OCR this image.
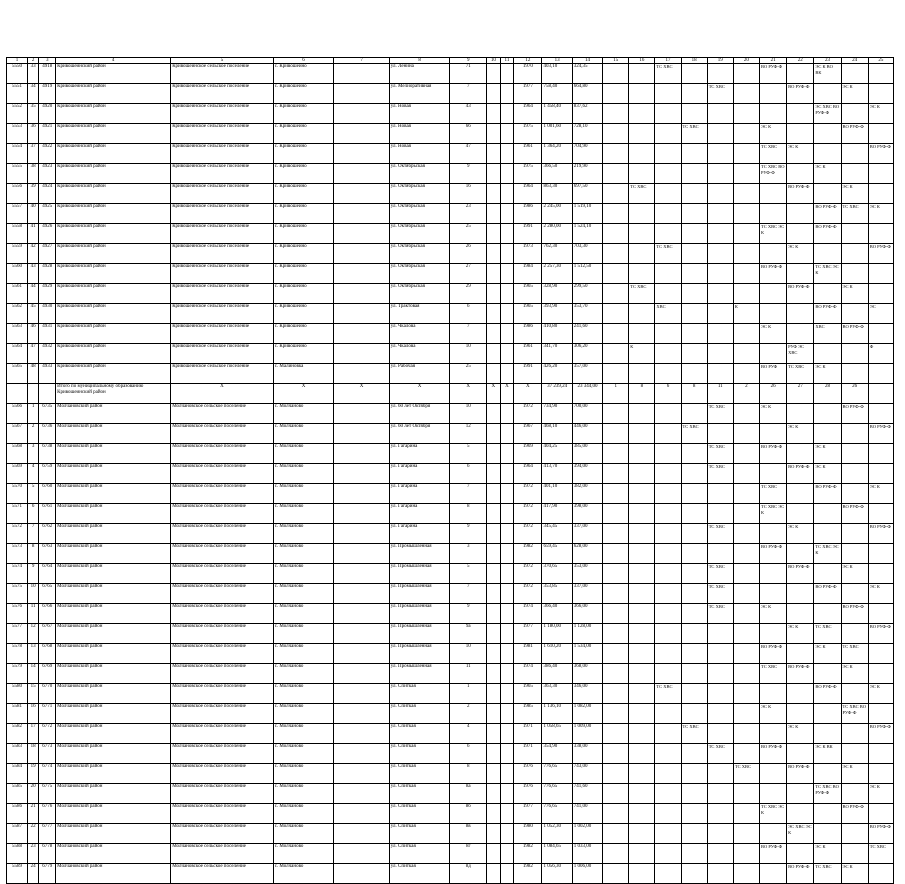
1	2	3	4	5	6	7	8	9	10	11	12	13	14	15	16	17	18	19	20	21	22	23	24	25
5550	33	4918	Кривошеинский район	Кривошеинское сельское поселение	с. Кривошеино		ул. Ленина	71			1970	403,10	324,35			ТС ХВС				ВО РУФ-Ф		ЭС К ВО ВК		
5551	34	4919	Кривошеинский район	Кривошеинское сельское поселение	с. Кривошеино		ул. Мелиоративная	7			1977	758,40	664,80					ТС ХВС			ВО РУФ-Ф		ЭС К	
5552	35	4920	Кривошеинский район	Кривошеинское сельское поселение	с. Кривошеино		ул. Новая	43			1964	1 458,40	837,62									ЭС ХВС ВО РУФ-Ф		ЭС К
5553	36	4921	Кривошеинский район	Кривошеинское сельское поселение	с. Кривошеино		ул. Новая	66			1975	1 001,60	728,10				ТС ХВС			ЭС К			ВО РУФ-Ф	
5554	37	4922	Кривошеинский район	Кривошеинское сельское поселение	с. Кривошеино		ул. Новая	47			1961	1 364,20	704,90							ТС ХВС	ЭС К			ВО РУФ-Ф
5555	38	4923	Кривошеинский район	Кривошеинское сельское поселение	с. Кривошеино		ул. Октябрьская	9			1975	366,50	219,90							ТС ХВС ВО РУФ-Ф		ЭС К		
5556	39	4924	Кривошеинский район	Кривошеинское сельское поселение	с. Кривошеино		ул. Октябрьская	16			1964	863,30	697,50		ТС ХВС						ВО РУФ-Ф		ЭС К	
5557	40	4925	Кривошеинский район	Кривошеинское сельское поселение	с. Кривошеино		ул. Октябрьская	23			1986	2 245,00	1 519,10									ВО РУФ-Ф	ТС ХВС	ЭС К
5558	41	4926	Кривошеинский район	Кривошеинское сельское поселение	с. Кривошеино		ул. Октябрьская	25			1991	2 280,00	1 524,10							ТС ХВС ЭС К		ВО РУФ-Ф		
5559	42	4927	Кривошеинский район	Кривошеинское сельское поселение	с. Кривошеино		ул. Октябрьская	26			1973	762,30	703,30			ТС ХВС					ЭС К			ВО РУФ-Ф
5560	43	4928	Кривошеинский район	Кривошеинское сельское поселение	с. Кривошеино		ул. Октябрьская	27			1984	2 257,30	1 512,50							ВО РУФ-Ф		ТС ХВС ЭС К		
5561	44	4929	Кривошеинский район	Кривошеинское сельское поселение	с. Кривошеино		ул. Октябрьская	29			1965	328,90	299,50		ТС ХВС						ВО РУФ-Ф		ЭС К	
5562	45	4930	Кривошеинский район	Кривошеинское сельское поселение	с. Кривошеино		ул. Трактовая	6			1965	393,90	353,70			ХВС			К			ВО РУФ-Ф		ЭС
5563	46	4931	Кривошеинский район	Кривошеинское сельское поселение	с. Кривошеино		ул. Чкалова	7			1986	410,80	241,60							ЭС К		ХВС	ВО РУФ-Ф	
5564	47	4932	Кривошеинский район	Кривошеинское сельское поселение	с. Кривошеино		ул. Чкалова	10			1961	341,70	306,20		К						РУФ ЭС ХВС			Ф
5565	48	4933	Кривошеинский район	Кривошеинское сельское поселение	с. Малиновка		ул. Рабочая	25			1991	426,20	357,00							ВО РУФ	ТС ХВС	ЭС К		
			Итого по муниципальному образованию Кривошеинский район	X	X	X	X	X	X	X	X	37 239,24	23 344,00	1	8	6	8	11	2	26	27	28	26	
5566	1	6735	Молчановский район	Молчановское сельское поселение	с. Молчаново		ул. 60 лет Октября	10			1972	734,90	700,00					ТС ХВС		ЭС К			ВО РУФ-Ф	
5567	2	6736	Молчановский район	Молчановское сельское поселение	с. Молчаново		ул. 60 лет Октября	12			1967	468,10	446,00				ТС ХВС				ЭС К			ВО РУФ-Ф
5568	3	6738	Молчановский район	Молчановское сельское поселение	с. Молчаново		ул. Гагарина	5			1969	404,25	385,00					ТС ХВС		ВО РУФ-Ф		ЭС К		
5569	4	6759	Молчановский район	Молчановское сельское поселение	с. Молчаново		ул. Гагарина	6			1964	413,70	394,00					ТС ХВС			ВО РУФ-Ф	ЭС К		
5570	5	6760	Молчановский район	Молчановское сельское поселение	с. Молчаново		ул. Гагарина	7			1972	401,10	382,00							ТС ХВС		ВО РУФ-Ф		ЭС К
5571	6	6761	Молчановский район	Молчановское сельское поселение	с. Молчаново		ул. Гагарина	8			1972	417,90	398,00							ТС ХВС ЭС К			ВО РУФ-Ф	
5572	7	6762	Молчановский район	Молчановское сельское поселение	с. Молчаново		ул. Гагарина	9			1972	345,45	337,00					ТС ХВС			ЭС К			ВО РУФ-Ф
5573	8	6763	Молчановский район	Молчановское сельское поселение	с. Молчаново		ул. Промышленная	3			1982	659,45	628,00							ВО РУФ-Ф		ТС ХВС ЭС К		
5574	9	6764	Молчановский район	Молчановское сельское поселение	с. Молчаново		ул. Промышленная	5			1972	370,65	353,00					ТС ХВС			ВО РУФ-Ф		ЭС К	
5575	10	6765	Молчановский район	Молчановское сельское поселение	с. Молчаново		ул. Промышленная	7			1972	353,85	337,00					ТС ХВС				ВО РУФ-Ф		ЭС К
5576	11	6766	Молчановский район	Молчановское сельское поселение	с. Молчаново		ул. Промышленная	9			1974	366,40	366,00					ТС ХВС		ЭС К			ВО РУФ-Ф	
5577	12	6767	Молчановский район	Молчановское сельское поселение	с. Молчаново		ул. Промышленная	9а			1977	1 180,00	1 128,00								ЭС К	ТС ХВС		ВО РУФ-Ф
5578	13	6768	Молчановский район	Молчановское сельское поселение	с. Молчаново		ул. Промышленная	10			1981	1 610,20	1 534,00							ВО РУФ-Ф		ЭС К	ТС ХВС	
5579	14	6769	Молчановский район	Молчановское сельское поселение	с. Молчаново		ул. Промышленная	11			1974	386,40	368,00							ТС ХВС	ВО РУФ-Ф		ЭС К	
5580	15	6770	Молчановский район	Молчановское сельское поселение	с. Молчаново		ул. Спиткая	1			1965	363,30	346,00			ТС ХВС						ВО РУФ-Ф		ЭС К
5581	16	6771	Молчановский район	Молчановское сельское поселение	с. Молчаново		ул. Спиткая	2			1985	1 136,10	1 082,00							ЭС К			ТС ХВС ВО РУФ-Ф	
5582	17	6772	Молчановский район	Молчановское сельское поселение	с. Молчаново		ул. Спиткая	4			1971	1 058,65	1 009,00				ТС ХВС				ЭС К			ВО РУФ-Ф
5583	18	6773	Молчановский район	Молчановское сельское поселение	с. Молчаново		ул. Спиткая	6			1971	354,90	338,00					ТС ХВС		ВО РУФ-Ф		ЭС К ВК		
5584	19	6774	Молчановский район	Молчановское сельское поселение	с. Молчаново		ул. Спиткая	8			1976	776,65	743,00						ТС ХВС		ВО РУФ-Ф		ЭС К	
5585	20	6775	Молчановский район	Молчановское сельское поселение	с. Молчаново		ул. Спиткая	8а			1976	776,65	741,60									ТС ХВС ВО РУФ-Ф		ЭС К
5586	21	6776	Молчановский район	Молчановское сельское поселение	с. Молчаново		ул. Спиткая	8б			1977	776,65	741,00							ТС ХВС ЭС К			ВО РУФ-Ф	
5587	22	6777	Молчановский район	Молчановское сельское поселение	с. Молчаново		ул. Спиткая	8в			1980	1 052,30	1 002,00								ЭС ХВС ЭС К			ВО РУФ-Ф
5588	23	6778	Молчановский район	Молчановское сельское поселение	с. Молчаново		ул. Спиткая	8г			1982	1 084,65	1 033,00							ВО РУФ-Ф		ЭС К		ТС ХВС
5589	24	6779	Молчановский район	Молчановское сельское поселение	с. Молчаново		ул. Спиткая	8д			1982	1 056,30	1 006,00								ВО РУФ-Ф	ТС ХВС	ЭС К	
